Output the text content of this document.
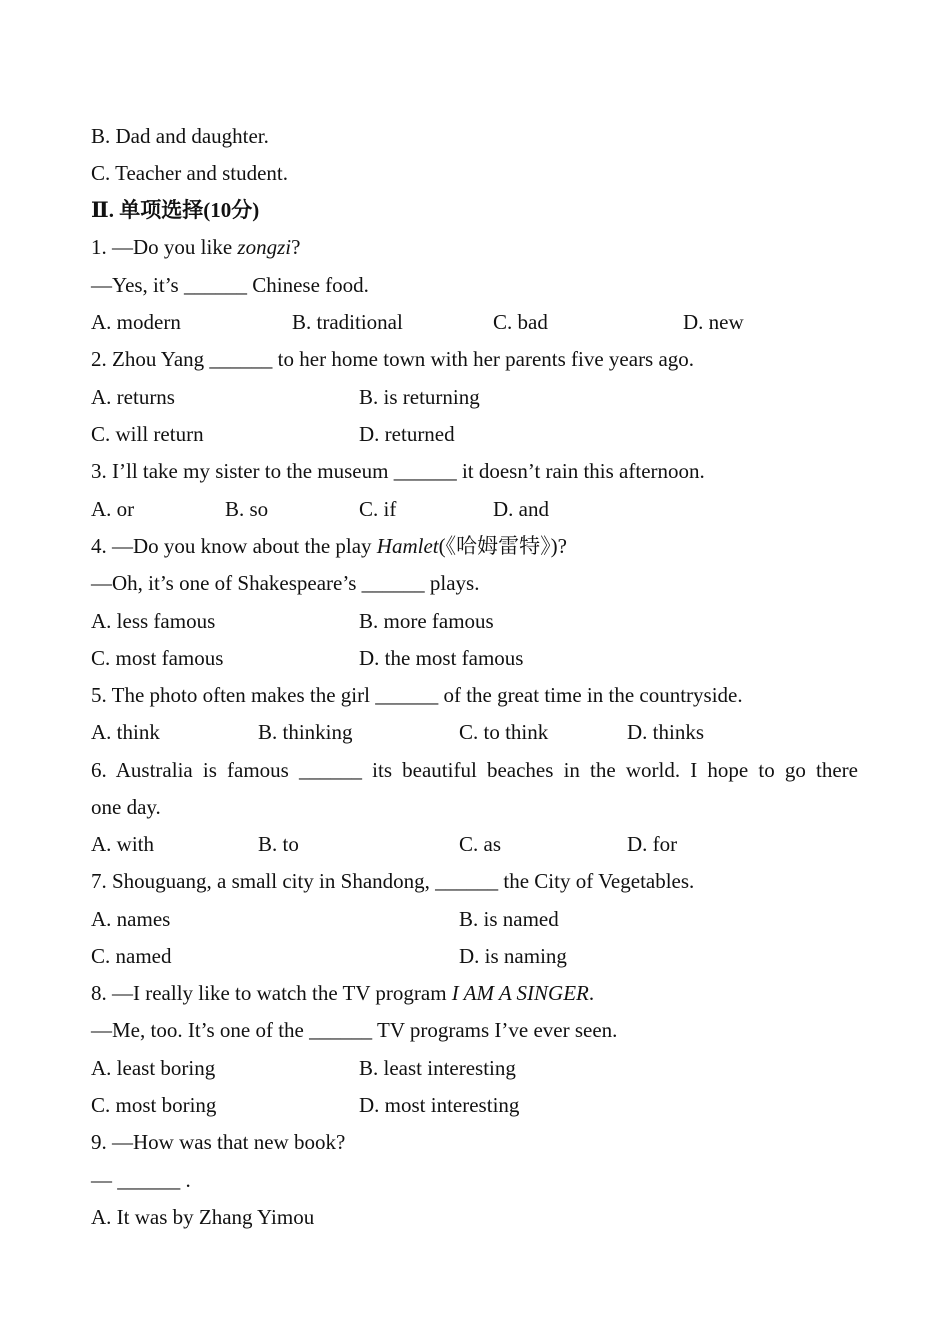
B. Dad and daughter.
C. Teacher and student.
Ⅱ. 单项选择(10分)
1. —Do you like zongzi?
—Yes, it’s ______ Chinese food.
A. modern	B. traditional	C. bad	D. new
2. Zhou Yang ______ to her home town with her parents five years ago.
A. returns	B. is returning
C. will return	D. returned
3. I’ll take my sister to the museum ______ it doesn’t rain this afternoon.
A. or	B. so	C. if	D. and
4. —Do you know about the play Hamlet(《哈姆雷特》)?
—Oh, it’s one of Shakespeare’s ______ plays.
A. less famous	B. more famous
C. most famous	D. the most famous
5. The photo often makes the girl ______ of the great time in the countryside.
A. think	B. thinking	C. to think	D. thinks
6. Australia is famous ______ its beautiful beaches in the world. I hope to go there
one day.
A. with	B. to	C. as	D. for
7. Shouguang, a small city in Shandong, ______ the City of Vegetables.
A. names	B. is named
C. named	D. is naming
8. —I really like to watch the TV program I AM A SINGER.
—Me, too. It’s one of the ______ TV programs I’ve ever seen.
A. least boring	B. least interesting
C. most boring	D. most interesting
9. —How was that new book?
— ______ .
A. It was by Zhang Yimou
